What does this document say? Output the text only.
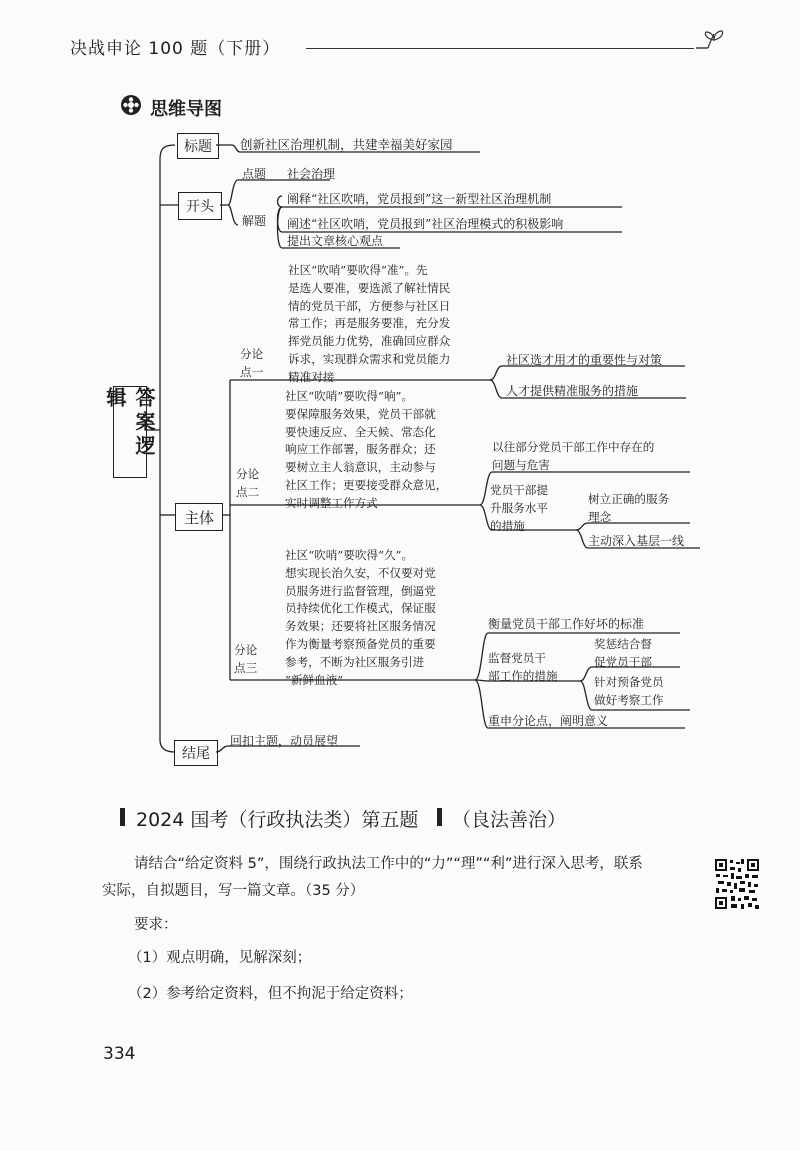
决战申论 100 题（下册）
思维导图
答案逻辑
标题	创新社区治理机制，共建幸福美好家园
开头
点题 社会治理
解题
阐释“社区吹哨，党员报到”这一新型社区治理机制
阐述“社区吹哨，党员报到”社区治理模式的积极影响
提出文章核心观点
主体
社区“吹哨”要吹得“准”。先
是选人要准，要选派了解社情民
情的党员干部，方便参与社区日
常工作；再是服务要准，充分发
挥党员能力优势，准确回应群众
诉求，实现群众需求和党员能力
精准对接
分论
点一
社区选才用才的重要性与对策
人才提供精准服务的措施
社区“吹哨”要吹得“响”。
要保障服务效果，党员干部就
要快速反应、全天候、常态化
响应工作部署，服务群众；还
要树立主人翁意识，主动参与
社区工作；更要接受群众意见，
实时调整工作方式
分论
点二
以往部分党员干部工作中存在的
问题与危害
党员干部提
升服务水平
的措施
树立正确的服务
理念
主动深入基层一线
社区“吹哨”要吹得“久”。
想实现长治久安，不仅要对党
员服务进行监督管理，倒逼党
员持续优化工作模式，保证服
务效果；还要将社区服务情况
作为衡量考察预备党员的重要
参考，不断为社区服务引进
“新鲜血液”
分论
点三
衡量党员干部工作好坏的标准
监督党员干
部工作的措施
奖惩结合督
促党员干部
针对预备党员
做好考察工作
重申分论点，阐明意义
结尾
回扣主题，动员展望
2024 国考（行政执法类）第五题 （良法善治）
请结合“给定资料 5”，围绕行政执法工作中的“力”“理”“利”进行深入思考，联系
实际，自拟题目，写一篇文章。（35 分）
要求：
（1）观点明确，见解深刻；
（2）参考给定资料，但不拘泥于给定资料；
334
